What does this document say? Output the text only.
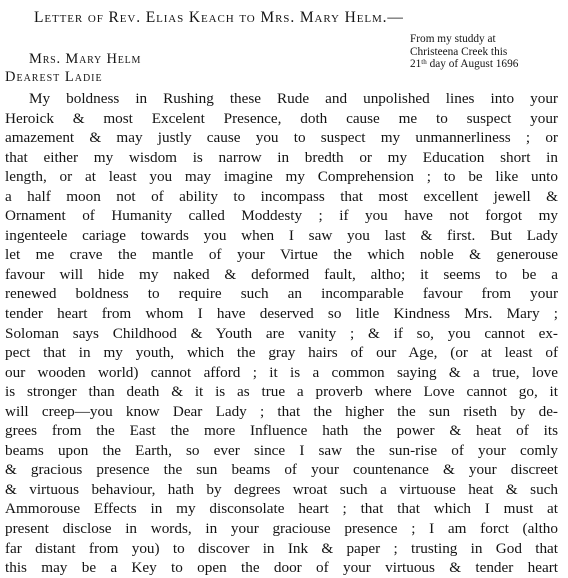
Letter of Rev. Elias Keach to Mrs. Mary Helm.—
From my studdy at
Christeena Creek this
21th day of August 1696
Mrs. Mary Helm
Dearest Ladie
My boldness in Rushing these Rude and unpolished lines into your
Heroick & most Excelent Presence, doth cause me to suspect your
amazement & may justly cause you to suspect my unmannerliness ; or
that either my wisdom is narrow in bredth or my Education short in
length, or at least you may imagine my Comprehension ; to be like unto
a half moon not of ability to incompass that most excellent jewell &
Ornament of Humanity called Moddesty ; if you have not forgot my
ingenteele cariage towards you when I saw you last & first. But Lady
let me crave the mantle of your Virtue the which noble & generouse
favour will hide my naked & deformed fault, altho; it seems to be a
renewed boldness to require such an incomparable favour from your
tender heart from whom I have deserved so litle Kindness Mrs. Mary ;
Soloman says Childhood & Youth are vanity ; & if so, you cannot ex-
pect that in my youth, which the gray hairs of our Age, (or at least of
our wooden world) cannot afford ; it is a common saying & a true, love
is stronger than death & it is as true a proverb where Love cannot go, it
will creep—you know Dear Lady ; that the higher the sun riseth by de-
grees from the East the more Influence hath the power & heat of its
beams upon the Earth, so ever since I saw the sun-rise of your comly
& gracious presence the sun beams of your countenance & your discreet
& virtuous behaviour, hath by degrees wroat such a virtuouse heat & such
Ammorouse Effects in my disconsolate heart ; that that which I must at
present disclose in words, in your graciouse presence ; I am forct (altho
far distant from you) to discover in Ink & paper ; trusting in God that
this may be a Key to open the door of your virtuous & tender heart
